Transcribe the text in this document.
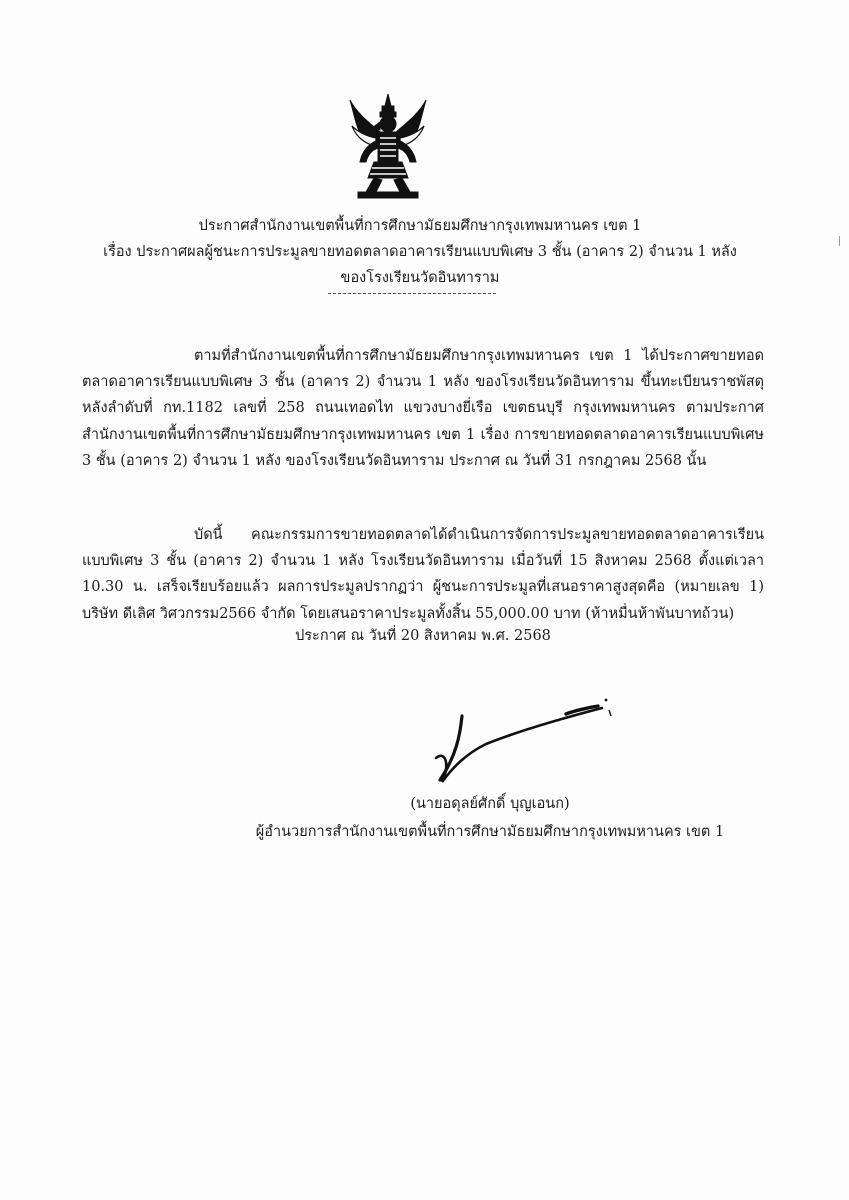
ประกาศสำนักงานเขตพื้นที่การศึกษามัธยมศึกษากรุงเทพมหานคร เขต 1
เรื่อง ประกาศผลผู้ชนะการประมูลขายทอดตลาดอาคารเรียนแบบพิเศษ 3 ชั้น (อาคาร 2) จำนวน 1 หลัง
ของโรงเรียนวัดอินทาราม
ตามที่สำนักงานเขตพื้นที่การศึกษามัธยมศึกษากรุงเทพมหานคร เขต 1 ได้ประกาศขายทอดตลาดอาคารเรียนแบบพิเศษ 3 ชั้น (อาคาร 2) จำนวน 1 หลัง ของโรงเรียนวัดอินทาราม ขึ้นทะเบียนราชพัสดุ หลังลำดับที่ กท.1182 เลขที่ 258 ถนนเทอดไท แขวงบางยี่เรือ เขตธนบุรี กรุงเทพมหานคร ตามประกาศสำนักงานเขตพื้นที่การศึกษามัธยมศึกษากรุงเทพมหานคร เขต 1 เรื่อง การขายทอดตลาดอาคารเรียนแบบพิเศษ 3 ชั้น (อาคาร 2) จำนวน 1 หลัง ของโรงเรียนวัดอินทาราม ประกาศ ณ วันที่ 31 กรกฎาคม 2568 นั้น
บัดนี้ คณะกรรมการขายทอดตลาดได้ดำเนินการจัดการประมูลขายทอดตลาดอาคารเรียนแบบพิเศษ 3 ชั้น (อาคาร 2) จำนวน 1 หลัง โรงเรียนวัดอินทาราม เมื่อวันที่ 15 สิงหาคม 2568 ตั้งแต่เวลา 10.30 น. เสร็จเรียบร้อยแล้ว ผลการประมูลปรากฏว่า ผู้ชนะการประมูลที่เสนอราคาสูงสุดคือ (หมายเลข 1) บริษัท ดีเลิศ วิศวกรรม2566 จำกัด โดยเสนอราคาประมูลทั้งสิ้น 55,000.00 บาท (ห้าหมื่นห้าพันบาทถ้วน)
ประกาศ ณ วันที่ 20 สิงหาคม พ.ศ. 2568
(นายอดุลย์ศักดิ์ บุญเอนก)
ผู้อำนวยการสำนักงานเขตพื้นที่การศึกษามัธยมศึกษากรุงเทพมหานคร เขต 1
